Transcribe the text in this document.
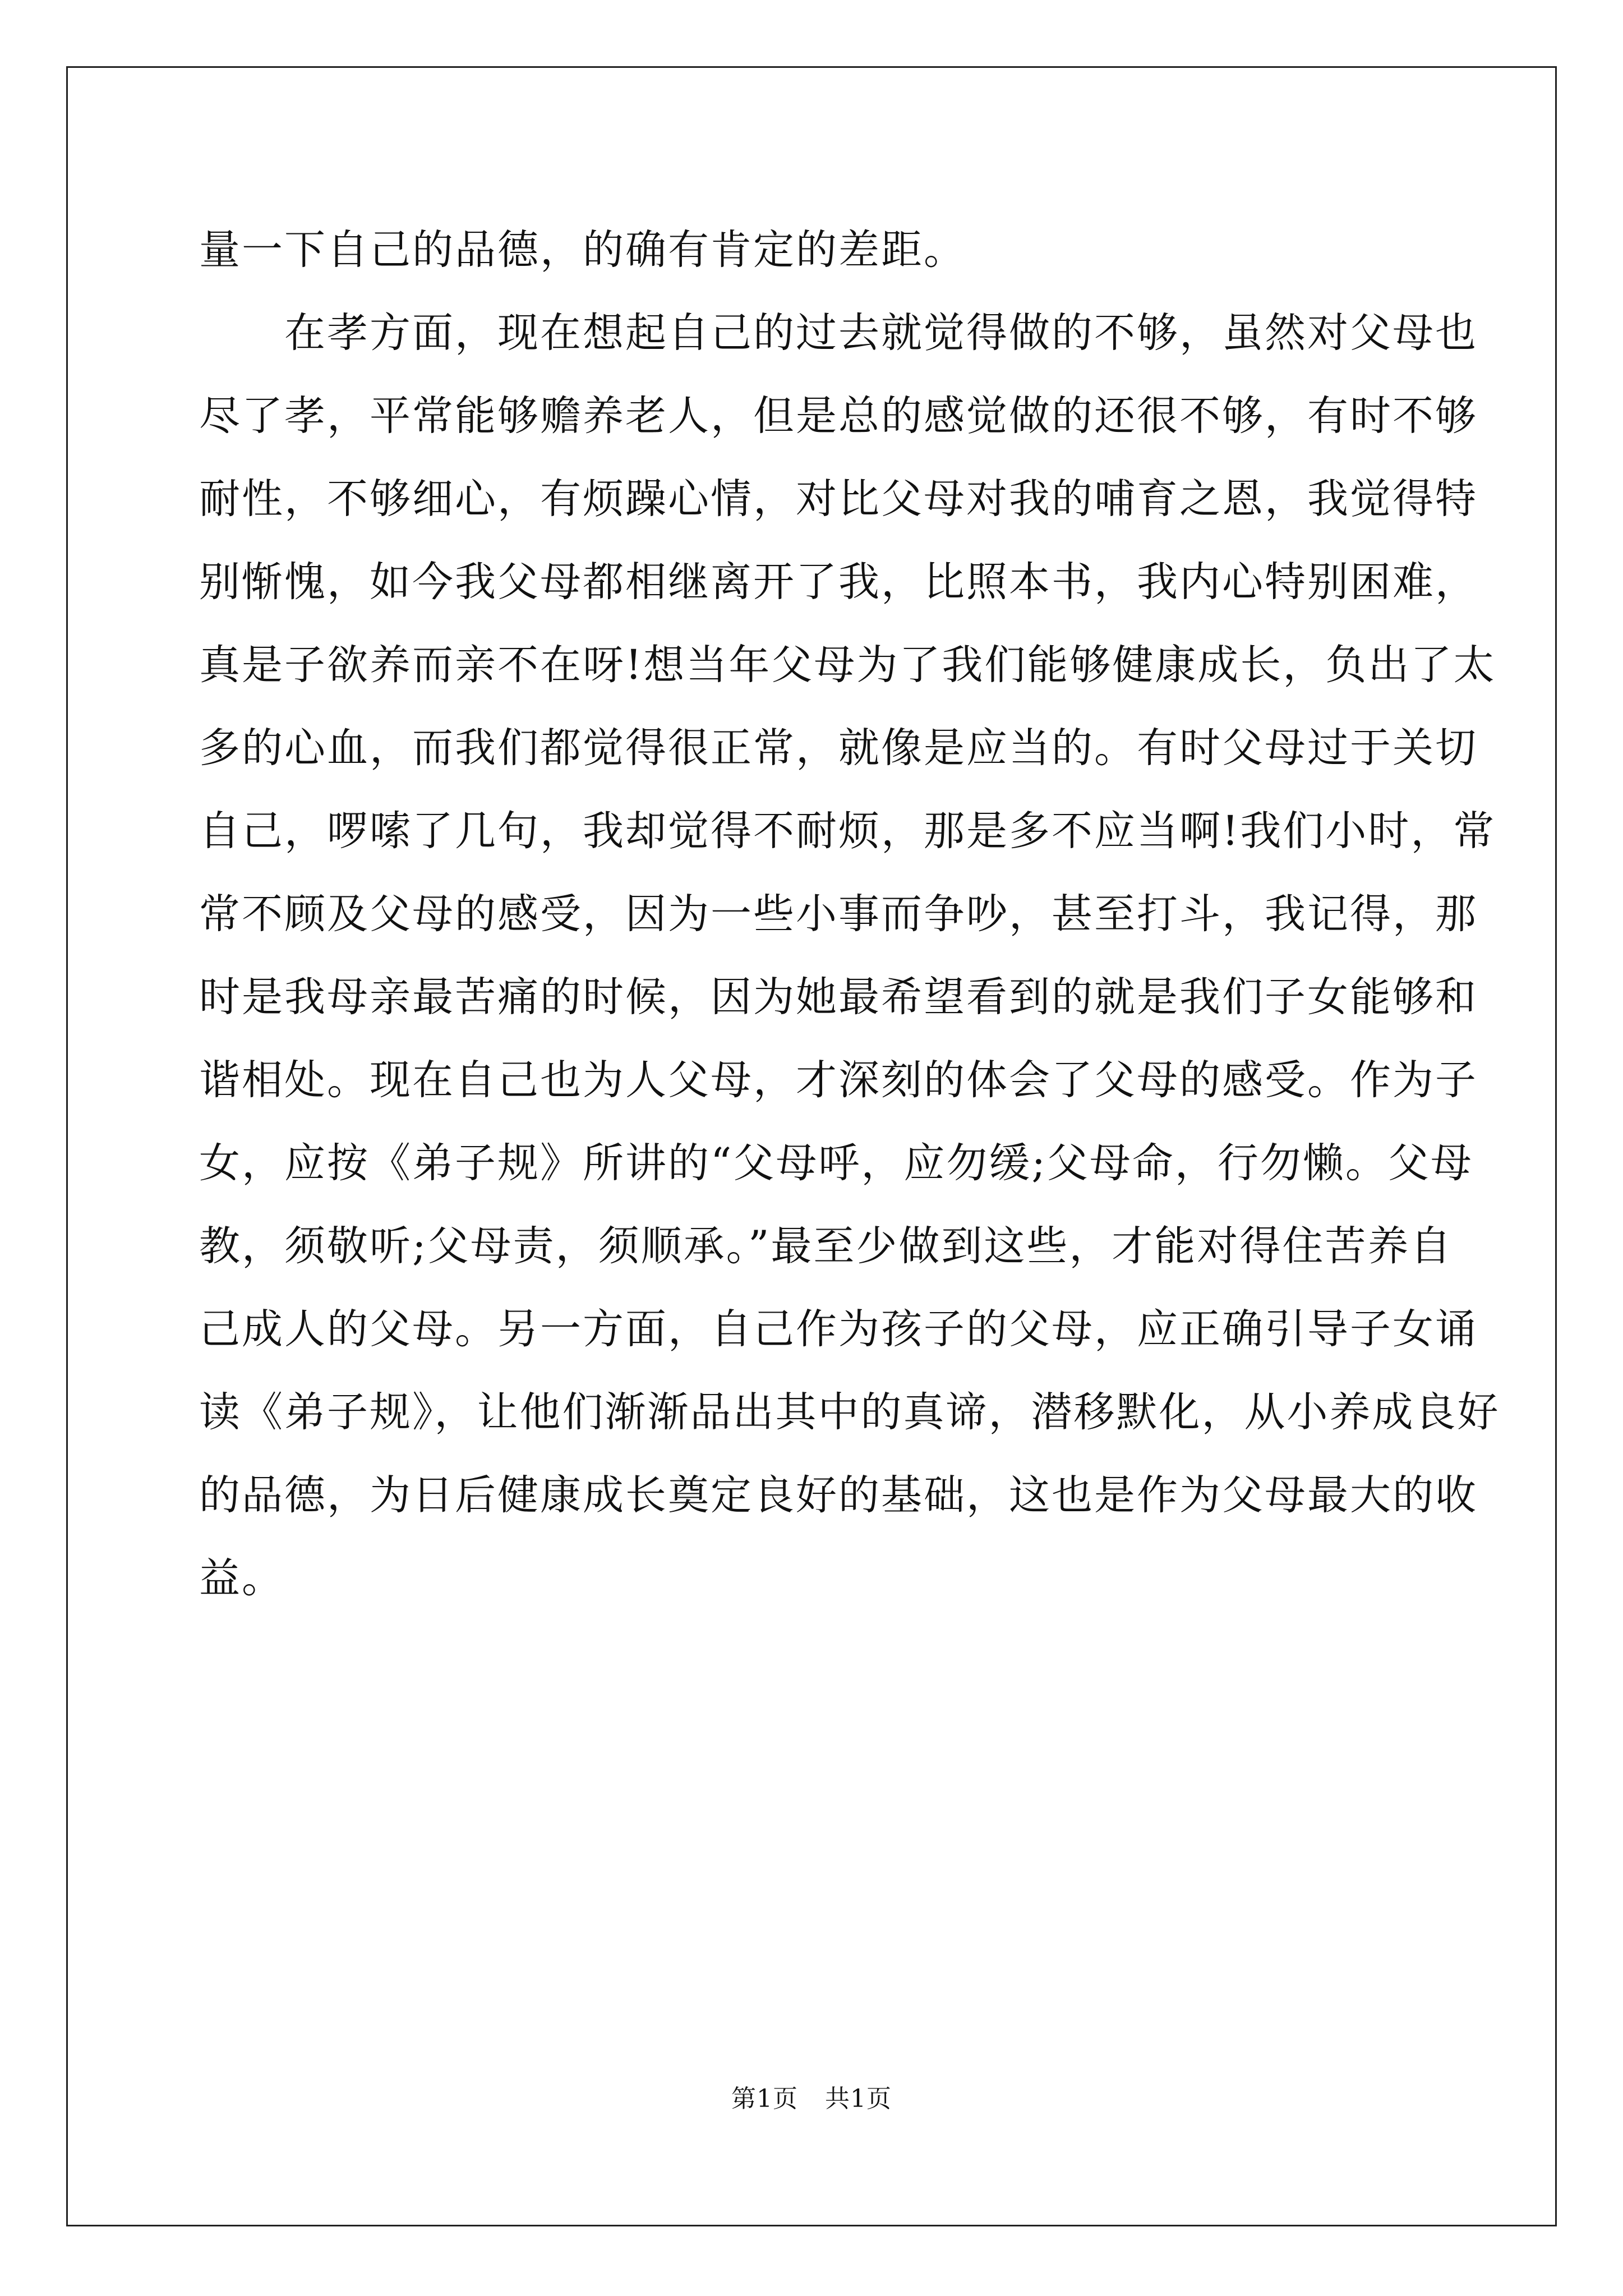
量一下自己的品德，的确有肯定的差距。
在孝方面，现在想起自己的过去就觉得做的不够，虽然对父母也
尽了孝，平常能够赡养老人，但是总的感觉做的还很不够，有时不够
耐性，不够细心，有烦躁心情，对比父母对我的哺育之恩，我觉得特
别惭愧，如今我父母都相继离开了我，比照本书，我内心特别困难，
真是子欲养而亲不在呀!想当年父母为了我们能够健康成长，负出了太
多的心血，而我们都觉得很正常，就像是应当的。有时父母过于关切
自己，啰嗦了几句，我却觉得不耐烦，那是多不应当啊!我们小时，常
常不顾及父母的感受，因为一些小事而争吵，甚至打斗，我记得，那
时是我母亲最苦痛的时候，因为她最希望看到的就是我们子女能够和
谐相处。现在自己也为人父母，才深刻的体会了父母的感受。作为子
女，应按《弟子规》所讲的“父母呼，应勿缓;父母命，行勿懒。父母
教，须敬听;父母责，须顺承。”最至少做到这些，才能对得住苦养自
己成人的父母。另一方面，自己作为孩子的父母，应正确引导子女诵
读《弟子规》，让他们渐渐品出其中的真谛，潜移默化，从小养成良好
的品德，为日后健康成长奠定良好的基础，这也是作为父母最大的收
益。
第1页 共1页
